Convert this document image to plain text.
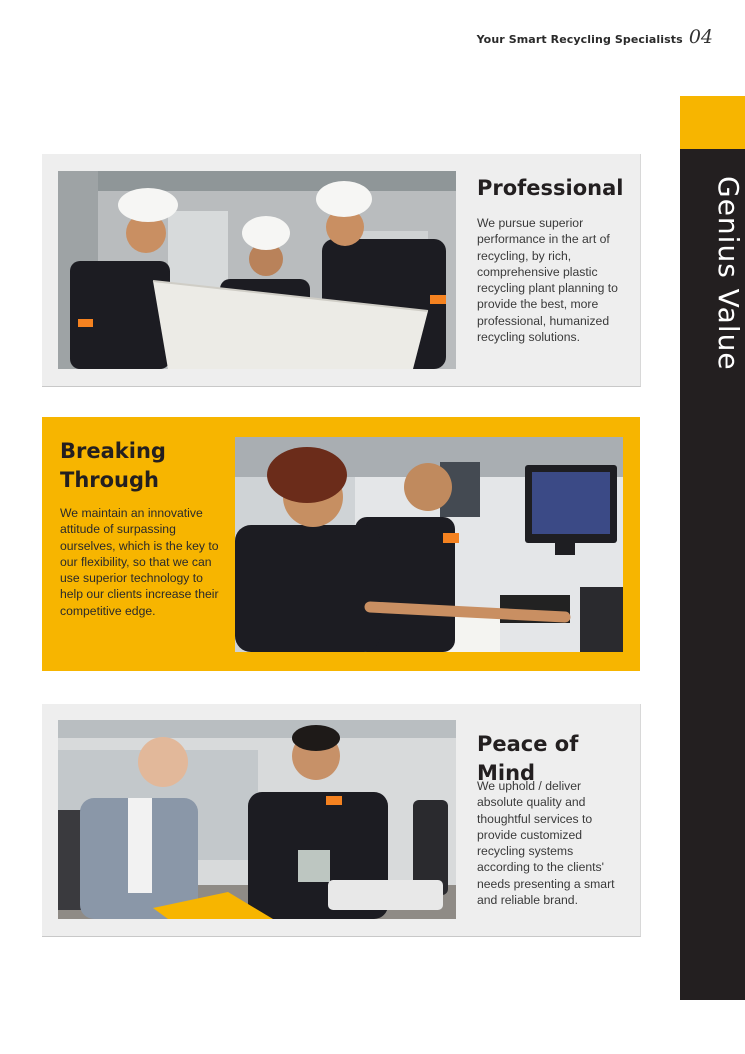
Your Smart Recycling Specialists 04
Genius Value
Professional

We pursue superior performance in the art of recycling, by rich, comprehensive plastic recycling plant planning to provide the best, more professional, humanized recycling solutions.

Breaking
Through

We maintain an innovative attitude of surpassing ourselves, which is the key to our flexibility, so that we can use superior technology to help our clients increase their competitive edge.

Peace of Mind

We uphold / deliver absolute quality and thoughtful services to provide customized recycling systems according to the clients' needs presenting a smart and reliable brand.
